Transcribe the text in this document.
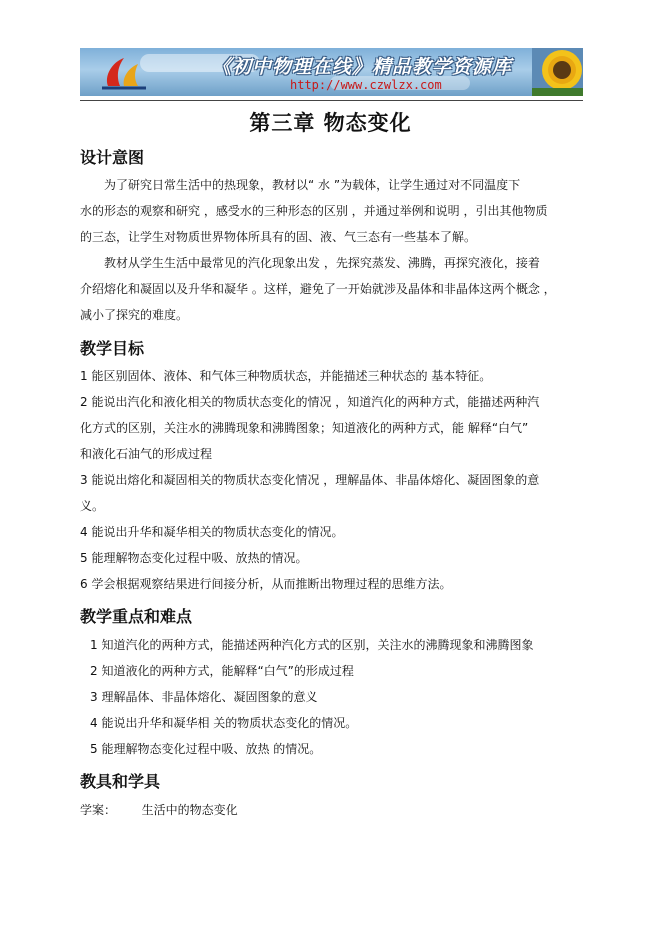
《初中物理在线》精品教学资源库
http://www.czwlzx.com
第三章 物态变化
设计意图
为了研究日常生活中的热现象，教材以“ 水 ”为载体，让学生通过对不同温度下
水的形态的观察和研究 ，感受水的三种形态的区别 ，并通过举例和说明 ，引出其他物质
的三态，让学生对物质世界物体所具有的固、液、气三态有一些基本了解。
教材从学生生活中最常见的汽化现象出发 ，先探究蒸发、沸腾，再探究液化，接着
介绍熔化和凝固以及升华和凝华 。这样，避免了一开始就涉及晶体和非晶体这两个概念 ，
减小了探究的难度。
教学目标
1 能区别固体、液体、和气体三种物质状态，并能描述三种状态的 基本特征。
2 能说出汽化和液化相关的物质状态变化的情况 ，知道汽化的两种方式，能描述两种汽
化方式的区别，关注水的沸腾现象和沸腾图象；知道液化的两种方式，能 解释“白气”
和液化石油气的形成过程
3 能说出熔化和凝固相关的物质状态变化情况 ，理解晶体、非晶体熔化、凝固图象的意
义。
4 能说出升华和凝华相关的物质状态变化的情况。
5 能理解物态变化过程中吸、放热的情况。
6 学会根据观察结果进行间接分析，从而推断出物理过程的思维方法。
教学重点和难点
1 知道汽化的两种方式，能描述两种汽化方式的区别，关注水的沸腾现象和沸腾图象
2 知道液化的两种方式，能解释“白气”的形成过程
3 理解晶体、非晶体熔化、凝固图象的意义
4 能说出升华和凝华相 关的物质状态变化的情况。
5 能理解物态变化过程中吸、放热 的情况。
教具和学具
学案： 生活中的物态变化
